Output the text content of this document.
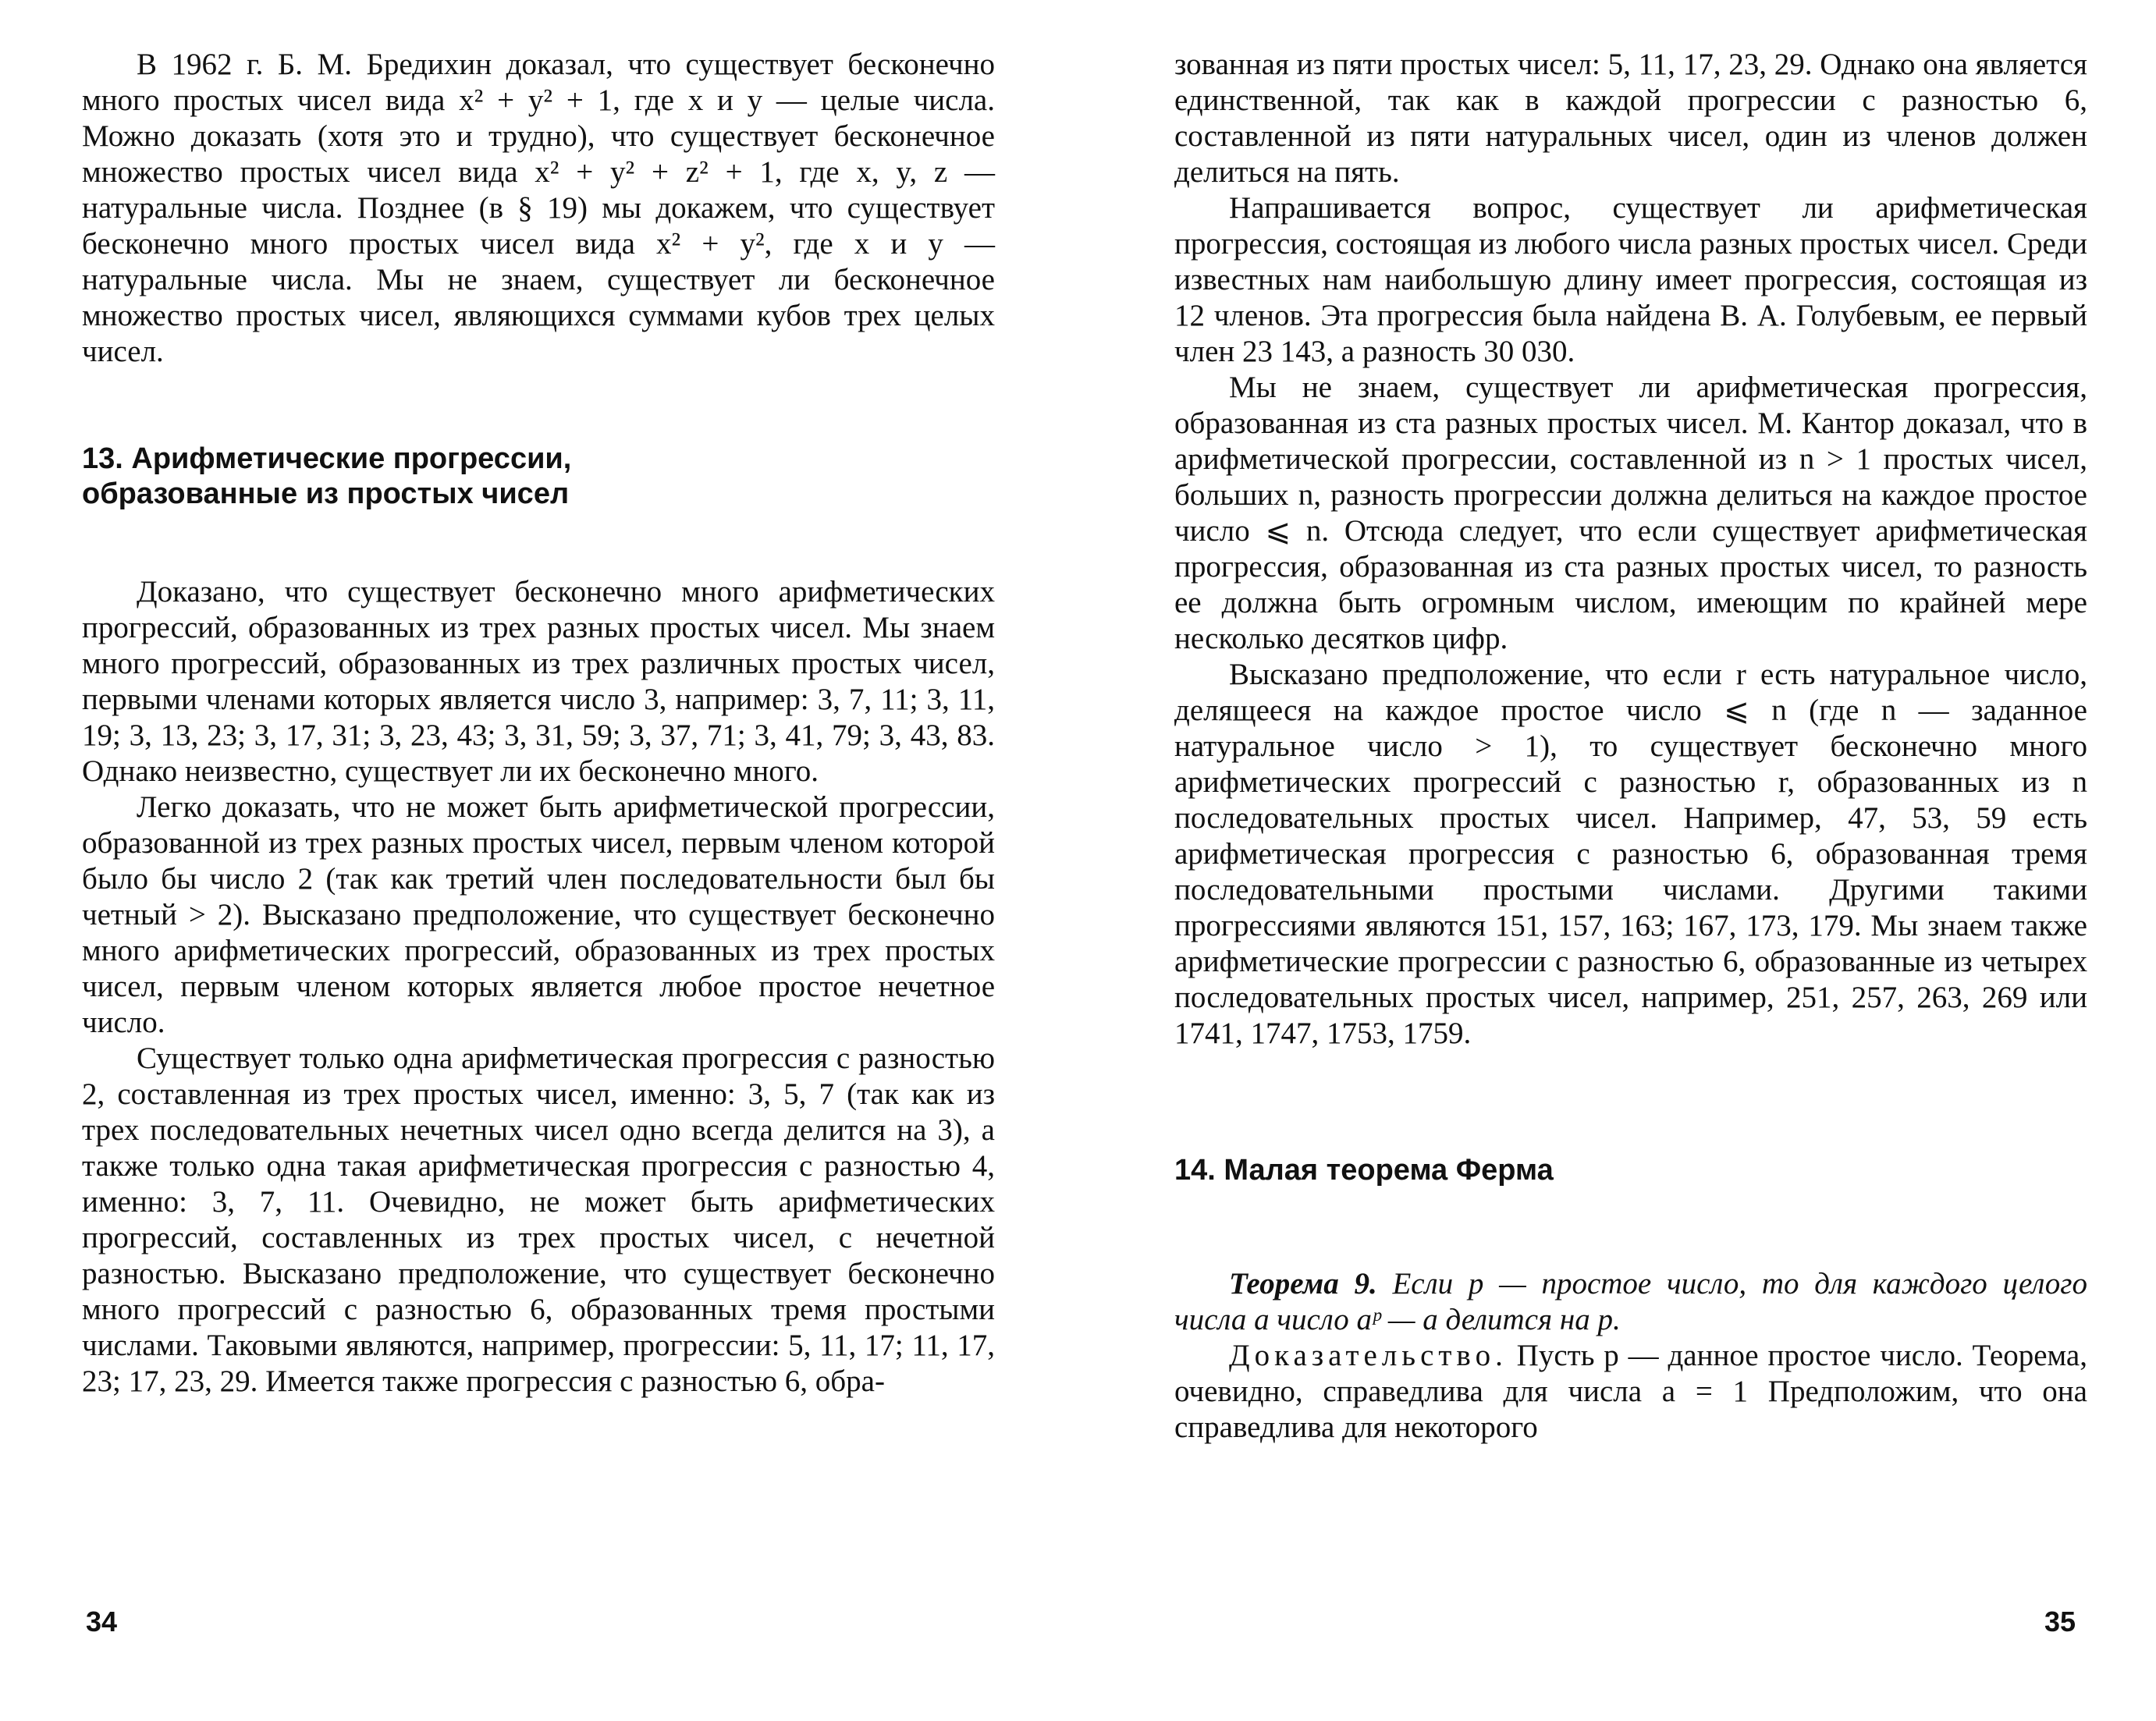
В 1962 г. Б. М. Бредихин доказал, что существует бесконечно много простых чисел вида x² + y² + 1, где x и y — целые числа. Можно доказать (хотя это и трудно), что существует бесконечное множество простых чисел вида x² + y² + z² + 1, где x, y, z — натуральные числа. Позднее (в § 19) мы докажем, что существует бесконечно много простых чисел вида x² + y², где x и y — натуральные числа. Мы не знаем, существует ли бесконечное множество простых чисел, являющихся суммами кубов трех целых чисел.

13. Арифметические прогрессии,
образованные из простых чисел

Доказано, что существует бесконечно много арифметических прогрессий, образованных из трех разных простых чисел. Мы знаем много прогрессий, образованных из трех различных простых чисел, первыми членами которых является число 3, например: 3, 7, 11; 3, 11, 19; 3, 13, 23; 3, 17, 31; 3, 23, 43; 3, 31, 59; 3, 37, 71; 3, 41, 79; 3, 43, 83. Однако неизвестно, существует ли их бесконечно много.

Легко доказать, что не может быть арифметической прогрессии, образованной из трех разных простых чисел, первым членом которой было бы число 2 (так как третий член последовательности был бы четный > 2). Высказано предположение, что существует бесконечно много арифметических прогрессий, образованных из трех простых чисел, первым членом которых является любое простое нечетное число.

Существует только одна арифметическая прогрессия с разностью 2, составленная из трех простых чисел, именно: 3, 5, 7 (так как из трех последовательных нечетных чисел одно всегда делится на 3), а также только одна такая арифметическая прогрессия с разностью 4, именно: 3, 7, 11. Очевидно, не может быть арифметических прогрессий, составленных из трех простых чисел, с нечетной разностью. Высказано предположение, что существует бесконечно много прогрессий с разностью 6, образованных тремя простыми числами. Таковыми являются, например, прогрессии: 5, 11, 17; 11, 17, 23; 17, 23, 29. Имеется также прогрессия с разностью 6, обра-

зованная из пяти простых чисел: 5, 11, 17, 23, 29. Однако она является единственной, так как в каждой прогрессии с разностью 6, составленной из пяти натуральных чисел, один из членов должен делиться на пять.

Напрашивается вопрос, существует ли арифметическая прогрессия, состоящая из любого числа разных простых чисел. Среди известных нам наибольшую длину имеет прогрессия, состоящая из 12 членов. Эта прогрессия была найдена В. А. Голубевым, ее первый член 23 143, а разность 30 030.

Мы не знаем, существует ли арифметическая прогрессия, образованная из ста разных простых чисел. М. Кантор доказал, что в арифметической прогрессии, составленной из n > 1 простых чисел, больших n, разность прогрессии должна делиться на каждое простое число ⩽ n. Отсюда следует, что если существует арифметическая прогрессия, образованная из ста разных простых чисел, то разность ее должна быть огромным числом, имеющим по крайней мере несколько десятков цифр.

Высказано предположение, что если r есть натуральное число, делящееся на каждое простое число ⩽ n (где n — заданное натуральное число > 1), то существует бесконечно много арифметических прогрессий с разностью r, образованных из n последовательных простых чисел. Например, 47, 53, 59 есть арифметическая прогрессия с разностью 6, образованная тремя последовательными простыми числами. Другими такими прогрессиями являются 151, 157, 163; 167, 173, 179. Мы знаем также арифметические прогрессии с разностью 6, образованные из четырех последовательных простых чисел, например, 251, 257, 263, 269 или 1741, 1747, 1753, 1759.

14. Малая теорема Ферма

Теорема 9. Если p — простое число, то для каждого целого числа a число aᵖ — a делится на p.

Доказательство. Пусть p — данное простое число. Теорема, очевидно, справедлива для числа a = 1 Предположим, что она справедлива для некоторого

34	35
